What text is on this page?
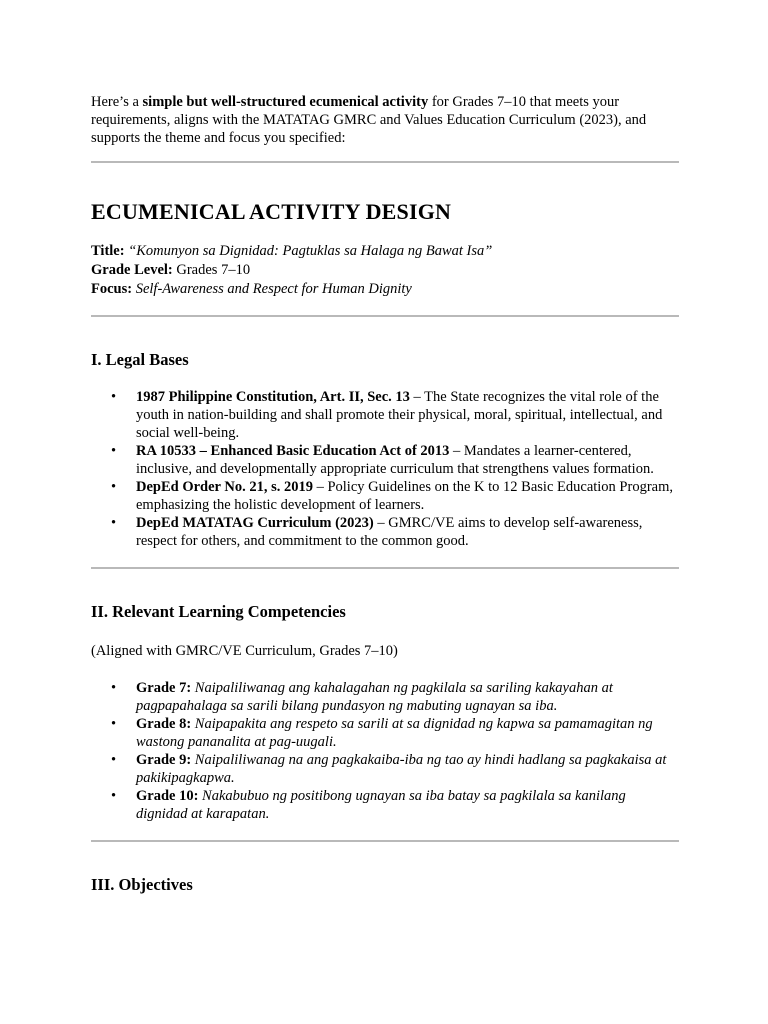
Here’s a simple but well-structured ecumenical activity for Grades 7–10 that meets your requirements, aligns with the MATATAG GMRC and Values Education Curriculum (2023), and supports the theme and focus you specified:

ECUMENICAL ACTIVITY DESIGN

Title: “Komunyon sa Dignidad: Pagtuklas sa Halaga ng Bawat Isa”

Grade Level: Grades 7–10

Focus: Self-Awareness and Respect for Human Dignity

I. Legal Bases
• 1987 Philippine Constitution, Art. II, Sec. 13 – The State recognizes the vital role of the youth in nation-building and shall promote their physical, moral, spiritual, intellectual, and social well-being.
• RA 10533 – Enhanced Basic Education Act of 2013 – Mandates a learner-centered, inclusive, and developmentally appropriate curriculum that strengthens values formation.
• DepEd Order No. 21, s. 2019 – Policy Guidelines on the K to 12 Basic Education Program, emphasizing the holistic development of learners.
• DepEd MATATAG Curriculum (2023) – GMRC/VE aims to develop self-awareness, respect for others, and commitment to the common good.
II. Relevant Learning Competencies

(Aligned with GMRC/VE Curriculum, Grades 7–10)

• Grade 7: Naipaliliwanag ang kahalagahan ng pagkilala sa sariling kakayahan at pagpapahalaga sa sarili bilang pundasyon ng mabuting ugnayan sa iba.
• Grade 8: Naipapakita ang respeto sa sarili at sa dignidad ng kapwa sa pamamagitan ng wastong pananalita at pag-uugali.
• Grade 9: Naipaliliwanag na ang pagkakaiba-iba ng tao ay hindi hadlang sa pagkakaisa at pakikipagkapwa.
• Grade 10: Nakabubuo ng positibong ugnayan sa iba batay sa pagkilala sa kanilang dignidad at karapatan.
III. Objectives
